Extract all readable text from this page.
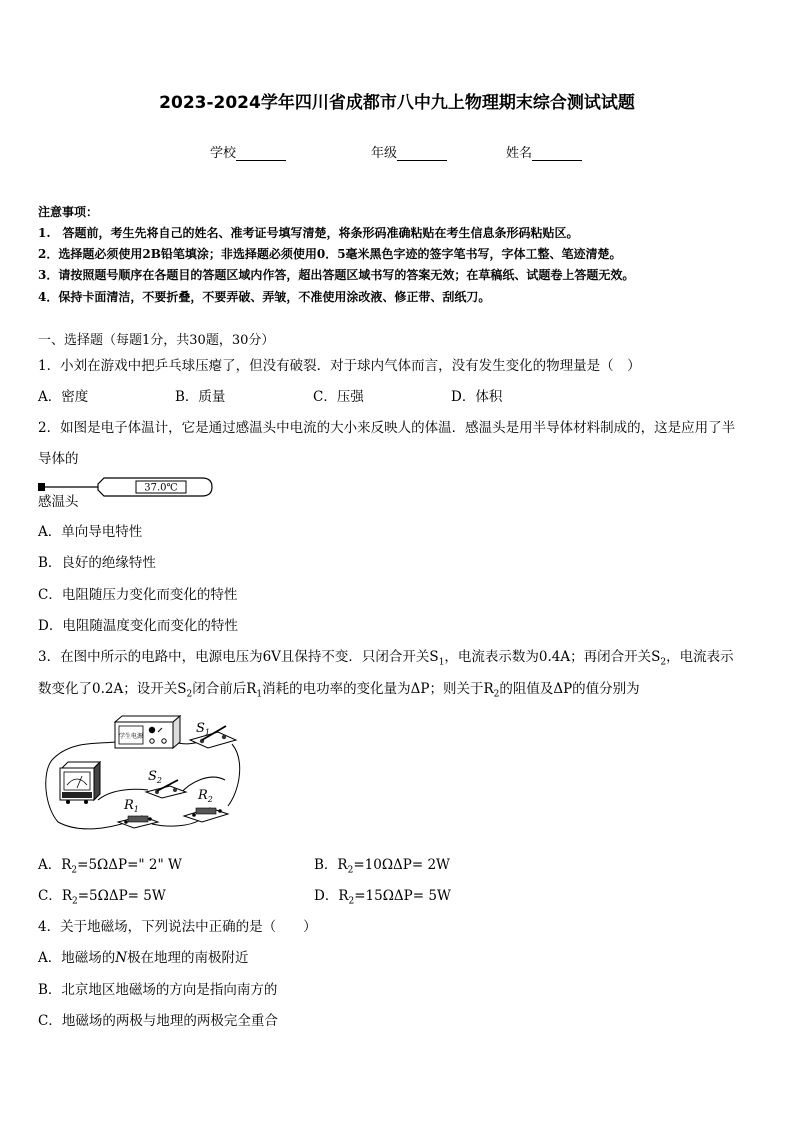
2023-2024学年四川省成都市八中九上物理期末综合测试试题
学校	年级	姓名
注意事项：
1.　答题前，考生先将自己的姓名、准考证号填写清楚，将条形码准确粘贴在考生信息条形码粘贴区。
2．选择题必须使用2B铅笔填涂；非选择题必须使用0．5毫米黑色字迹的签字笔书写，字体工整、笔迹清楚。
3．请按照题号顺序在各题目的答题区域内作答，超出答题区域书写的答案无效；在草稿纸、试题卷上答题无效。
4．保持卡面清洁，不要折叠，不要弄破、弄皱，不准使用涂改液、修正带、刮纸刀。
一、选择题（每题1分，共30题，30分）
1．小刘在游戏中把乒乓球压瘪了，但没有破裂．对于球内气体而言，没有发生变化的物理量是（　）
A．密度	B．质量	C．压强	D．体积
2．如图是电子体温计，它是通过感温头中电流的大小来反映人的体温．感温头是用半导体材料制成的，这是应用了半
导体的
37.0℃
感温头
A．单向导电特性
B．良好的绝缘特性
C．电阻随压力变化而变化的特性
D．电阻随温度变化而变化的特性
3．在图中所示的电路中，电源电压为6V且保持不变．只闭合开关$S_1$，电流表示数为0.4A；再闭合开关$S_2$，电流表示
数变化了0.2A；设开关$S_2$闭合前后$R_1$消耗的电功率的变化量为ΔP；则关于$R_2$的阻值及ΔP的值分别为
学生电源
$S_1$
$S_2$
$R_1$
$R_2$
A．$R_2=5\Omega\Delta P=$" 2" W	B．$R_2=10\Omega\Delta P= 2W$
C．$R_2=5\Omega\Delta P= 5W$	D．$R_2=15\Omega\Delta P= 5W$
4．关于地磁场，下列说法中正确的是（　　）
A．地磁场的N极在地理的南极附近
B．北京地区地磁场的方向是指向南方的
C．地磁场的两极与地理的两极完全重合
